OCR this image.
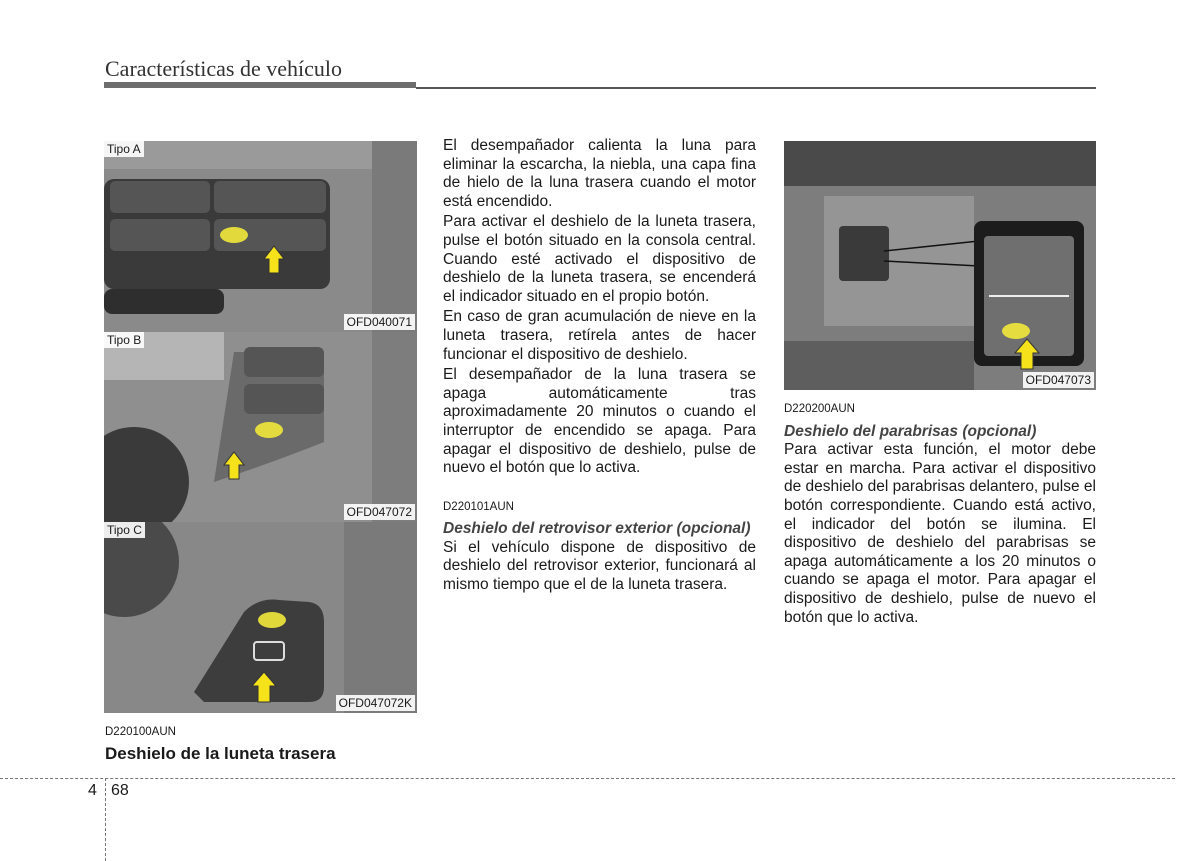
Características de vehículo
Tipo A
OFD040071
Tipo B
OFD047072
Tipo C
OFD047072K
OFD047073
D220100AUN
Deshielo de la luneta trasera

El desempañador calienta la luna para eliminar la escarcha, la niebla, una capa fina de hielo de la luna trasera cuando el motor está encendido.

Para activar el deshielo de la luneta trasera, pulse el botón situado en la consola central. Cuando esté activado el dispositivo de deshielo de la luneta trasera, se encenderá el indicador situado en el propio botón.

En caso de gran acumulación de nieve en la luneta trasera, retírela antes de hacer funcionar el dispositivo de deshielo.

El desempañador de la luna trasera se apaga automáticamente tras aproximadamente 20 minutos o cuando el interruptor de encendido se apaga. Para apagar el dispositivo de deshielo, pulse de nuevo el botón que lo activa.

D220101AUN
Deshielo del retrovisor exterior (opcional)

Si el vehículo dispone de dispositivo de deshielo del retrovisor exterior, funcionará al mismo tiempo que el de la luneta trasera.

D220200AUN
Deshielo del parabrisas (opcional)

Para activar esta función, el motor debe estar en marcha. Para activar el dispositivo de deshielo del parabrisas delantero, pulse el botón correspondiente. Cuando está activo, el indicador del botón se ilumina. El dispositivo de deshielo del parabrisas se apaga automáticamente a los 20 minutos o cuando se apaga el motor. Para apagar el dispositivo de deshielo, pulse de nuevo el botón que lo activa.

4 68
